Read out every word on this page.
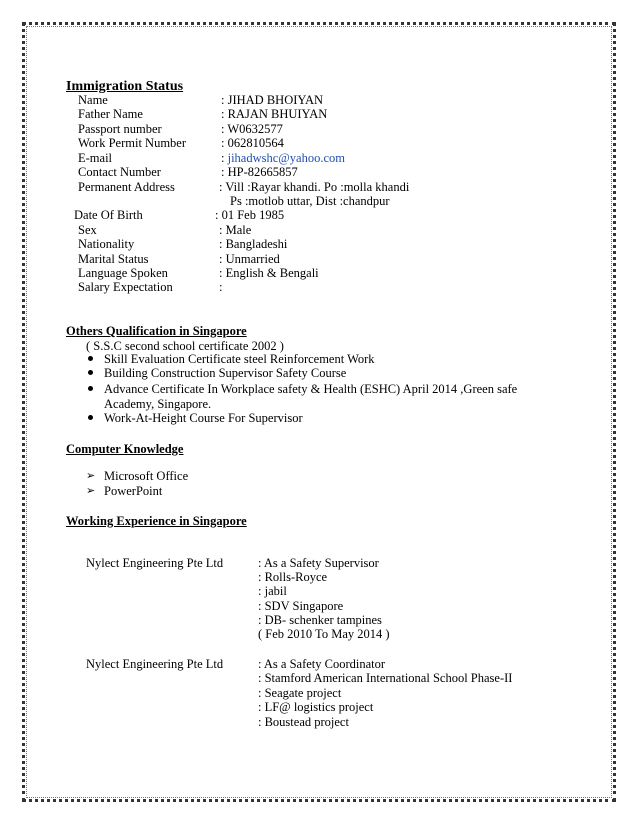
Immigration Status
Name	: JIHAD BHOIYAN
Father Name	: RAJAN BHUIYAN
Passport number	: W0632577
Work Permit Number	: 062810564
E-mail	: jihadwshc@yahoo.com
Contact Number	: HP-82665857
Permanent Address	: Vill :Rayar khandi. Po :molla khandi
Ps :motlob uttar, Dist :chandpur
Date Of Birth	: 01 Feb 1985
Sex	: Male
Nationality	: Bangladeshi
Marital Status	: Unmarried
Language Spoken	: English & Bengali
Salary Expectation	:
Others Qualification in Singapore
( S.S.C second school certificate 2002 )
Skill Evaluation Certificate steel Reinforcement Work
Building Construction Supervisor Safety Course
Advance Certificate In Workplace safety & Health (ESHC) April 2014 ,Green safe
Academy, Singapore.
Work-At-Height Course For Supervisor
Computer Knowledge
➢ Microsoft Office
➢ PowerPoint
Working Experience in Singapore
Nylect Engineering Pte Ltd	: As a Safety Supervisor
: Rolls-Royce
: jabil
: SDV Singapore
: DB- schenker tampines
( Feb 2010 To May 2014 )
Nylect Engineering Pte Ltd	: As a Safety Coordinator
: Stamford American International School Phase-II
: Seagate project
: LF@ logistics project
: Boustead project
